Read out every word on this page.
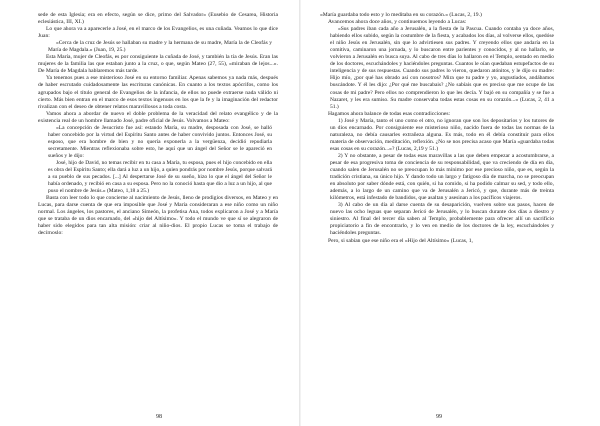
sede de esta Iglesia; era en efecto, según se dice, primo del Salvador» (Eusebio de Cesarea, Historia eclesiástica, III, XI.)

Lo que ahora va a aparecerle a José, en el marco de los Evangelios, es una cuñada. Veamos lo que dice Juan:

«Cerca de la cruz de Jesús se hallaban su madre y la hermana de su madre, María la de Cleofás y María de Magdala.» (Juan, 19, 25.)

Esta María, mujer de Cleofás, es por consiguiente la cuñada de José, y también la tía de Jesús. Eran las mujeres de la familia las que estaban junto a la cruz, o que, según Mateo (27, 55), «miraban de lejos...». De María de Magdala hablaremos más tarde.

Ya tenemos pues a ese misterioso José en su entorno familiar. Apenas sabemos ya nada más, después de haber escrutado cuidadosamente las escrituras canónicas. En cuanto a los textos apócrifos, como los agrupados bajo el título general de Evangelios de la infancia, de ellos no puede extraerse nada válido ni cierto. Más bien entran en el marco de esos textos ingenuos en los que la fe y la imaginación del redactor rivalizan con el deseo de obtener relatos maravillosos a toda costa.

Vamos ahora a abordar de nuevo el doble problema de la veracidad del relato evangélico y de la existencia real de un hombre llamado José, padre oficial de Jesús. Volvamos a Mateo:

«La concepción de Jesucristo fue así: estando María, su madre, desposada con José, se halló haber concebido por la virtud del Espíritu Santo antes de haber convivido juntos. Entonces José, su esposo, que era hombre de bien y no quería exponerla a la vergüenza, decidió repudiarla secretamente. Mientras reflexionaba sobre esto, he aquí que un ángel del Señor se le apareció en sueños y le dijo:

José, hijo de David, no temas recibir en tu casa a María, tu esposa, pues el hijo concebido en ella es obra del Espíritu Santo; ella dará a luz a un hijo, a quien pondrás por nombre Jesús, porque salvará a su pueblo de sus pecados. [...] Al despertarse José de su sueño, hizo lo que el ángel del Señor le había ordenado, y recibió en casa a su esposa. Pero no la conoció hasta que dio a luz a un hijo, al que puso el nombre de Jesús.» (Mateo, 1,18 a 25.)

Basta con leer todo lo que concierne al nacimiento de Jesús, lleno de prodigios diversos, en Mateo y en Lucas, para darse cuenta de que era imposible que José y María consideraran a ese niño como un niño normal. Los ángeles, los pastores, el anciano Simeón, la profetisa Ana, todos explicaron a José y a María que se trataba de un dios encarnado, del «hijo del Altísimo». Y todo el mundo ve que sí se alegraron de haber sido elegidos para tan alta misión: criar al niño-dios. El propio Lucas se toma el trabajo de decírnoslo:

98

«María guardaba todo esto y lo meditaba en su corazón.» (Lucas, 2, 19.)

Avancemos ahora doce años, y continuemos leyendo a Lucas:

«Sus padres iban cada año a Jerusalén, a la fiesta de la Pascua. Cuando contaba ya doce años, habiendo ellos subido, según la costumbre de la fiesta, y acabados los días, al volverse ellos, quedóse el niño Jesús en Jerusalén, sin que lo advirtiesen sus padres. Y creyendo ellos que andaría en la comitiva, caminaron una jornada, y lo buscaron entre parientes y conocidos, y al no hallarlo, se volvieron a Jerusalén en busca suya. Al cabo de tres días lo hallaron en el Templo, sentado en medio de los doctores, escuchándoles y haciéndoles preguntas. Cuantos le oían quedaban estupefactos de su inteligencia y de sus respuestas. Cuando sus padres lo vieron, quedaron atónitos, y le dijo su madre: Hijo mío, ¿por qué has obrado así con nosotros? Mira que tu padre y yo, angustiados, andábamos buscándote. Y él les dijo: ¿Por qué me buscabais? ¿No sabíais que es preciso que me ocupe de las cosas de mi padre? Pero ellos no comprendieron lo que les decía. Y bajó en su compañía y se fue a Nazaret, y les era sumiso. Su madre conservaba todas estas cosas en su corazón...» (Lucas, 2, 41 a 51.)

Hagamos ahora balance de todas esas contradicciones:

1) José y María, tanto el uno como el otro, no ignoran que son los depositarios y los tutores de un dios encarnado. Por consiguiente ese misterioso niño, nacido fuera de todas las normas de la naturaleza, no debía causarles extrañeza alguna. Es más, todo en él debía constituir para ellos materia de observación, meditación, reflexión. ¿No se nos precisa acaso que María «guardaba todas esas cosas en su corazón...»? (Lucas, 2,19 y 51.)

2) Y no obstante, a pesar de todas esas maravillas a las que deben empezar a acostumbrarse, a pesar de esa progresiva toma de conciencia de su responsabilidad, que va creciendo de día en día, cuando salen de Jerusalén no se preocupan lo más mínimo por ese precioso niño, que es, según la tradición cristiana, su único hijo. Y dando todo un largo y fatigoso día de marcha, no se preocupan en absoluto por saber dónde está, con quién, si ha comido, si ha podido calmar su sed, y todo ello, además, a lo largo de un camino que va de Jerusalén a Jericó, y que, durante más de treinta kilómetros, está infestado de bandidos, que asaltan y asesinan a los pacíficos viajeros.

3) Al cabo de un día al darse cuenta de su desaparición, vuelven sobre sus pasos, hacen de nuevo las ocho leguas que separan Jericó de Jerusalén, y lo buscan durante dos días a diestro y siniestro. Al final del tercer día saben al Templo, probablemente para ofrecer allí un sacrificio propiciatorio a fin de encontrarlo, y lo ven en medio de los doctores de la ley, escuchándoles y haciéndoles preguntas.

Pero, si sabían que ese niño era el «Hijo del Altísimo» (Lucas, 1,

99
